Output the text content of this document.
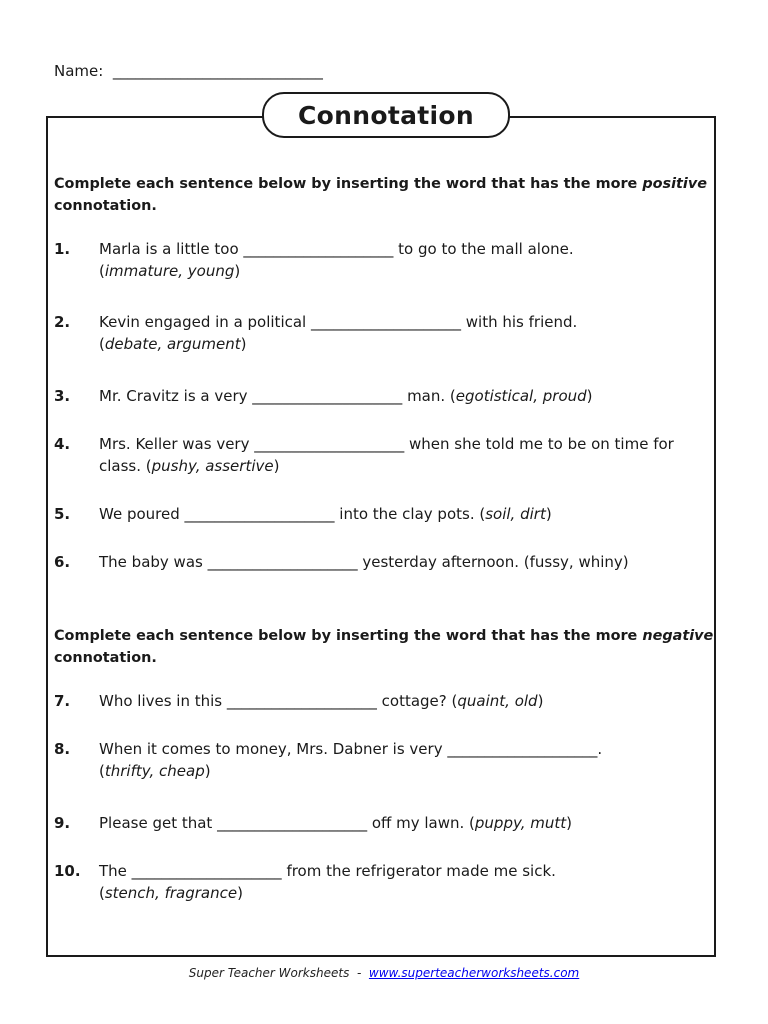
Name: ____________________________
Connotation
Complete each sentence below by inserting the word that has the more positive
connotation.
1. Marla is a little too ____________________ to go to the mall alone.
(immature, young)
2. Kevin engaged in a political ____________________ with his friend.
(debate, argument)
3. Mr. Cravitz is a very ____________________ man. (egotistical, proud)
4. Mrs. Keller was very ____________________ when she told me to be on time for class. (pushy, assertive)
5. We poured ____________________ into the clay pots. (soil, dirt)
6. The baby was ____________________ yesterday afternoon. (fussy, whiny)
Complete each sentence below by inserting the word that has the more negative
connotation.
7. Who lives in this ____________________ cottage? (quaint, old)
8. When it comes to money, Mrs. Dabner is very ____________________.
(thrifty, cheap)
9. Please get that ____________________ off my lawn. (puppy, mutt)
10. The ____________________ from the refrigerator made me sick.
(stench, fragrance)
Super Teacher Worksheets  -  www.superteacherworksheets.com
